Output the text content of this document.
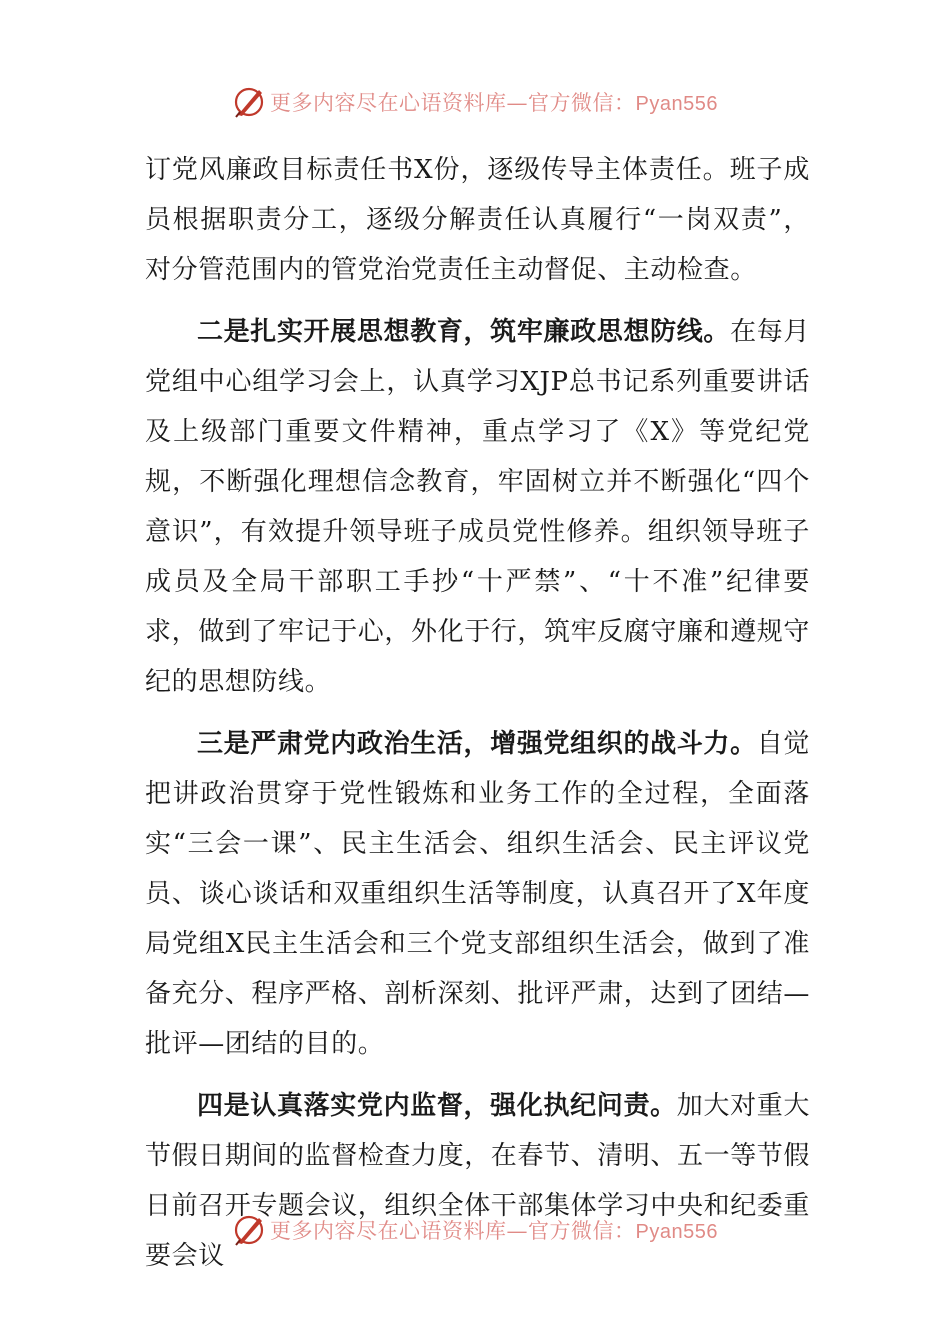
更多内容尽在心语资料库—官方微信：Pyan556

订党风廉政目标责任书X份，逐级传导主体责任。班子成员根据职责分工，逐级分解责任认真履行“一岗双责”，对分管范围内的管党治党责任主动督促、主动检查。

二是扎实开展思想教育，筑牢廉政思想防线。在每月党组中心组学习会上，认真学习XJP总书记系列重要讲话及上级部门重要文件精神，重点学习了《X》等党纪党规，不断强化理想信念教育，牢固树立并不断强化“四个意识”，有效提升领导班子成员党性修养。组织领导班子成员及全局干部职工手抄“十严禁”、“十不准”纪律要求，做到了牢记于心，外化于行，筑牢反腐守廉和遵规守纪的思想防线。

三是严肃党内政治生活，增强党组织的战斗力。自觉把讲政治贯穿于党性锻炼和业务工作的全过程，全面落实“三会一课”、民主生活会、组织生活会、民主评议党员、谈心谈话和双重组织生活等制度，认真召开了X年度局党组X民主生活会和三个党支部组织生活会，做到了准备充分、程序严格、剖析深刻、批评严肃，达到了团结—批评—团结的目的。

四是认真落实党内监督，强化执纪问责。加大对重大节假日期间的监督检查力度，在春节、清明、五一等节假日前召开专题会议，组织全体干部集体学习中央和纪委重要会议

更多内容尽在心语资料库—官方微信：Pyan556
